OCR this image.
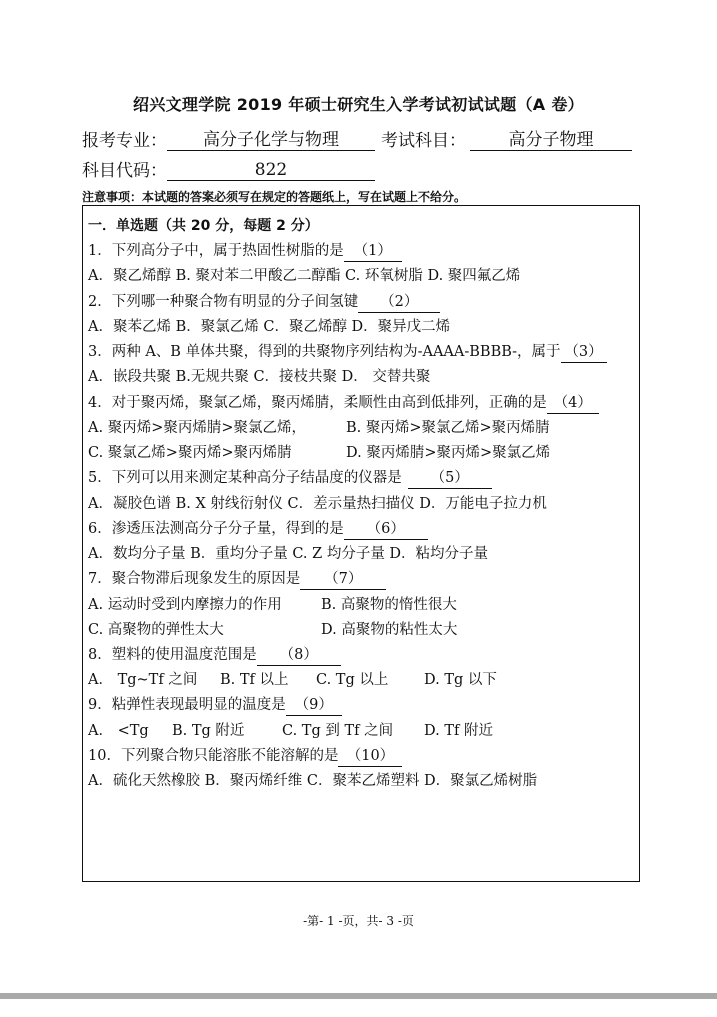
绍兴文理学院 2019 年硕士研究生入学考试初试试题（A 卷）
报考专业： 高分子化学与物理 考试科目：	高分子物理
科目代码：	822
注意事项：本试题的答案必须写在规定的答题纸上，写在试题上不给分。
一．单选题（共 20 分，每题 2 分）
1．下列高分子中，属于热固性树脂的是 （1）
A．聚乙烯醇 B. 聚对苯二甲酸乙二醇酯 C. 环氧树脂 D. 聚四氟乙烯
2．下列哪一种聚合物有明显的分子间氢键 （2）
A．聚苯乙烯 B．聚氯乙烯 C．聚乙烯醇 D．聚异戊二烯
3．两种 A、B 单体共聚，得到的共聚物序列结构为-AAAA-BBBB-，属于 （3）
A．嵌段共聚 B.无规共聚 C．接枝共聚 D． 交替共聚
4．对于聚丙烯，聚氯乙烯，聚丙烯腈，柔顺性由高到低排列，正确的是 （4）
A. 聚丙烯>聚丙烯腈>聚氯乙烯，	B. 聚丙烯>聚氯乙烯>聚丙烯腈
C. 聚氯乙烯>聚丙烯>聚丙烯腈	D. 聚丙烯腈>聚丙烯>聚氯乙烯
5．下列可以用来测定某种高分子结晶度的仪器是 （5）
A．凝胶色谱 B. X 射线衍射仪 C．差示量热扫描仪 D．万能电子拉力机
6．渗透压法测高分子分子量，得到的是 （6）
A．数均分子量 B．重均分子量 C. Z 均分子量 D．粘均分子量
7．聚合物滞后现象发生的原因是 （7）
A. 运动时受到内摩擦力的作用	B. 高聚物的惰性很大
C. 高聚物的弹性太大	D. 高聚物的粘性太大
8．塑料的使用温度范围是 （8）
A． Tg~Tf 之间 B. Tf 以上 C. Tg 以上 D. Tg 以下
9．粘弹性表现最明显的温度是 （9）
A． <Tg B. Tg 附近	C. Tg 到 Tf 之间 D. Tf 附近
10．下列聚合物只能溶胀不能溶解的是 （10）
A．硫化天然橡胶 B．聚丙烯纤维 C．聚苯乙烯塑料 D．聚氯乙烯树脂
-第- 1 -页，共- 3 -页
